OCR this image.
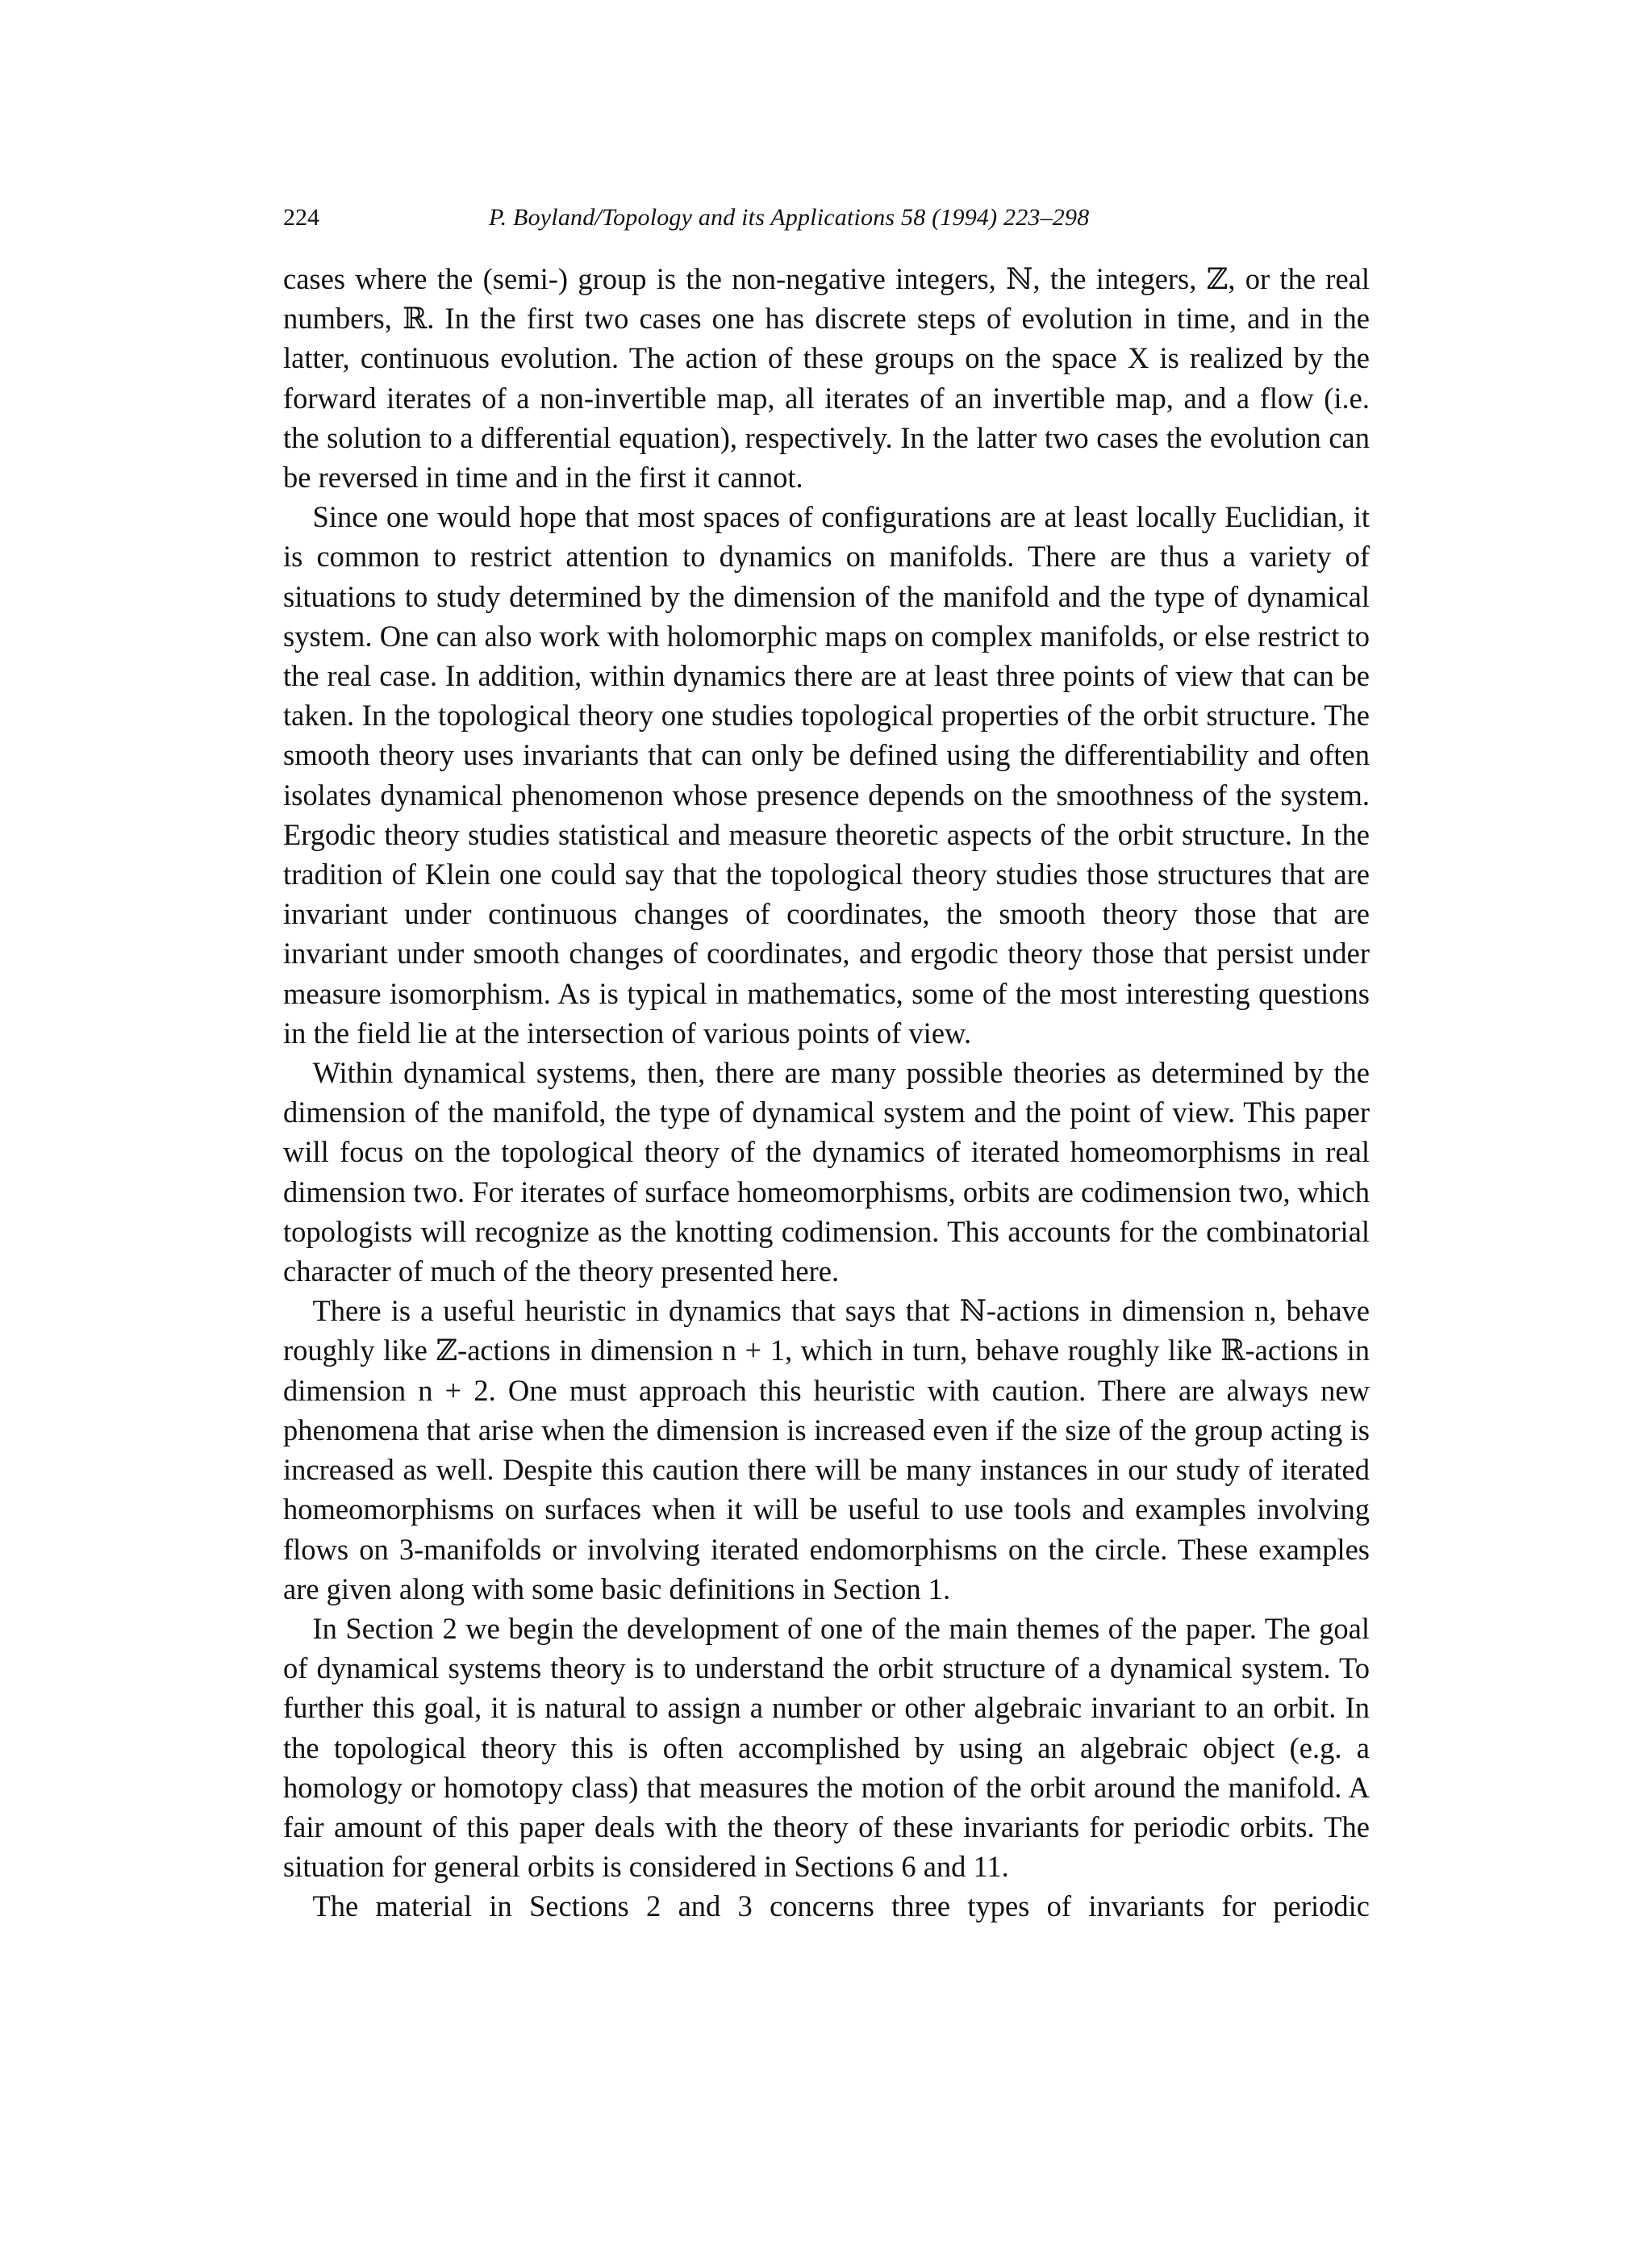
224	P. Boyland/Topology and its Applications 58 (1994) 223–298

cases where the (semi-) group is the non-negative integers, ℕ, the integers, ℤ, or the real numbers, ℝ. In the first two cases one has discrete steps of evolution in time, and in the latter, continuous evolution. The action of these groups on the space X is realized by the forward iterates of a non-invertible map, all iterates of an invertible map, and a flow (i.e. the solution to a differential equation), respectively. In the latter two cases the evolution can be reversed in time and in the first it cannot.

Since one would hope that most spaces of configurations are at least locally Euclidian, it is common to restrict attention to dynamics on manifolds. There are thus a variety of situations to study determined by the dimension of the manifold and the type of dynamical system. One can also work with holomorphic maps on complex manifolds, or else restrict to the real case. In addition, within dynamics there are at least three points of view that can be taken. In the topological theory one studies topological properties of the orbit structure. The smooth theory uses invariants that can only be defined using the differentiability and often isolates dynamical phenomenon whose presence depends on the smoothness of the system. Ergodic theory studies statistical and measure theoretic aspects of the orbit structure. In the tradition of Klein one could say that the topological theory studies those structures that are invariant under continuous changes of coordinates, the smooth theory those that are invariant under smooth changes of coordinates, and ergodic theory those that persist under measure isomorphism. As is typical in mathematics, some of the most interesting questions in the field lie at the intersection of various points of view.

Within dynamical systems, then, there are many possible theories as determined by the dimension of the manifold, the type of dynamical system and the point of view. This paper will focus on the topological theory of the dynamics of iterated homeomorphisms in real dimension two. For iterates of surface homeomorphisms, orbits are codimension two, which topologists will recognize as the knotting codimension. This accounts for the combinatorial character of much of the theory presented here.

There is a useful heuristic in dynamics that says that ℕ-actions in dimension n, behave roughly like ℤ-actions in dimension n + 1, which in turn, behave roughly like ℝ-actions in dimension n + 2. One must approach this heuristic with caution. There are always new phenomena that arise when the dimension is increased even if the size of the group acting is increased as well. Despite this caution there will be many instances in our study of iterated homeomorphisms on surfaces when it will be useful to use tools and examples involving flows on 3-manifolds or involving iterated endomorphisms on the circle. These examples are given along with some basic definitions in Section 1.

In Section 2 we begin the development of one of the main themes of the paper. The goal of dynamical systems theory is to understand the orbit structure of a dynamical system. To further this goal, it is natural to assign a number or other algebraic invariant to an orbit. In the topological theory this is often accomplished by using an algebraic object (e.g. a homology or homotopy class) that measures the motion of the orbit around the manifold. A fair amount of this paper deals with the theory of these invariants for periodic orbits. The situation for general orbits is considered in Sections 6 and 11.

The material in Sections 2 and 3 concerns three types of invariants for periodic
